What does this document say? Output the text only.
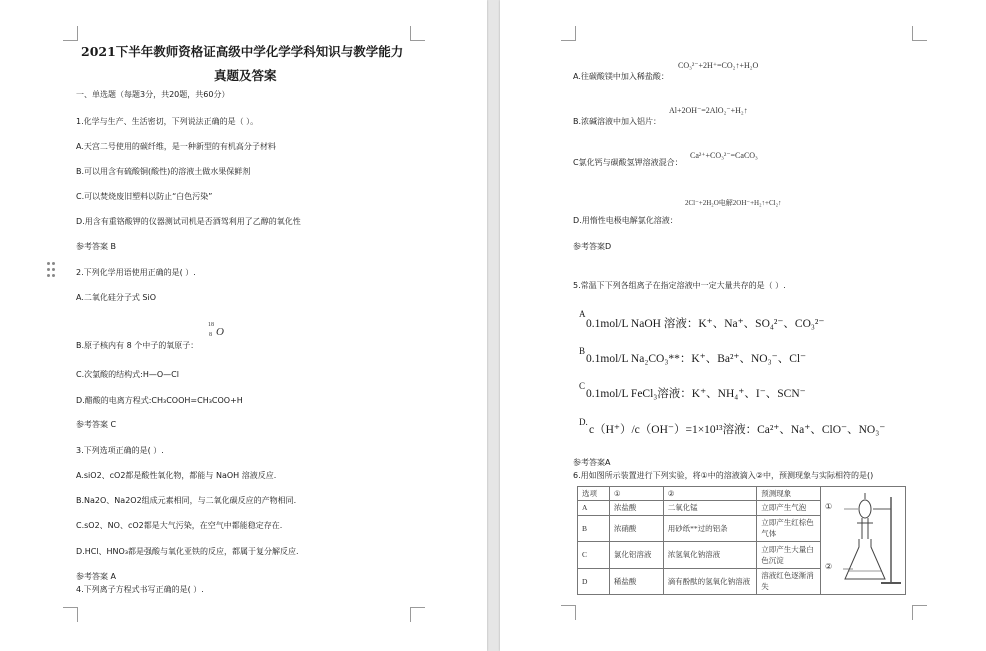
2021下半年教师资格证高级中学化学学科知识与教学能力
真题及答案
一、单选题（每题3分，共20题，共60分）
1.化学与生产、生活密切，下列说法正确的是（ ）。
A.天宫二号使用的碳纤维，是一种新型的有机高分子材料
B.可以用含有硫酸铜(酸性)的溶液土做水果保鲜剂
C.可以焚烧废旧塑料以防止“白色污染”
D.用含有重铬酸钾的仪器测试司机是否酒驾利用了乙醇的氧化性
参考答案 B
2.下列化学用语使用正确的是( ）.
A.二氧化硅分子式 SiO
18
8 O
B.原子核内有 8 个中子的氧原子：
C.次氯酸的结构式:H—O—Cl
D.醋酸的电离方程式:CH₃COOH=CH₃COO+H
参考答案 C
3.下列选项正确的是( ）.
A.siO2、cO2都是酸性氧化物，都能与 NaOH 溶液反应.
B.Na2O、Na2O2组成元素相同，与二氧化碳反应的产物相同.
C.sO2、NO、cO2都是大气污染，在空气中都能稳定存在.
D.HCl、HNO₃都是强酸与氧化亚铁的反应，都属于复分解反应.
参考答案 A
4.下列离子方程式书写正确的是( ）.
CO₃²⁻+2H⁺=CO₂↑+H₂O
A.往碳酸镁中加入稀盐酸：
Al+2OH⁻=2AlO₂⁻+H₂↑
B.浓碱溶液中加入铝片：
Ca²⁺+CO₃²⁻=CaCO₃
C氯化钙与碳酸氢钾溶液混合：
2Cl⁻+2H₂O电解2OH⁻+H₂↑+Cl₂↑
D.用惰性电极电解氯化溶液：
参考答案D
5.常温下下列各组离子在指定溶液中一定大量共存的是（ ）.
A
0.1mol/L NaOH 溶液：K⁺、Na⁺、SO₄²⁻、CO₃²⁻
B
0.1mol/L Na₂CO₃**：K⁺、Ba²⁺、NO₃⁻、Cl⁻
C
0.1mol/L FeCl₃溶液：K⁺、NH₄⁺、I⁻、SCN⁻
D.
c（H⁺）/c（OH⁻）=1×10¹³溶液：Ca²⁺、Na⁺、ClO⁻、NO₃⁻
参考答案A
6.用如图所示装置进行下列实验，将①中的溶液滴入②中，预测现象与实际相符的是()
选项	①	②	预测现象	①
②

A	浓盐酸	二氧化锰	立即产生气泡	
B	浓硝酸	用砂纸**过的铝条	立即产生红棕色气体	
C	氯化铝溶液	浓氢氧化钠溶液	立即产生大量白色沉淀	
D	稀盐酸	滴有酚酞的氢氧化钠溶液	溶液红色逐渐消失	
